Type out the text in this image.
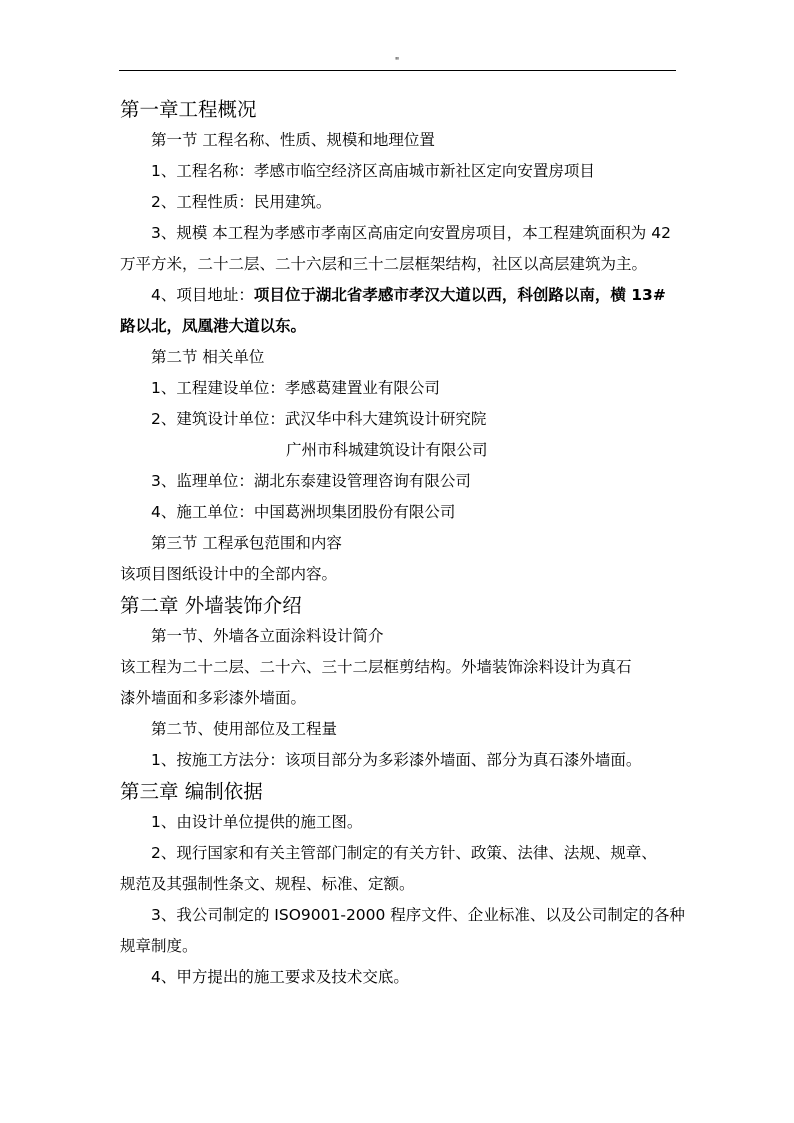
"
第一章工程概况
第一节 工程名称、性质、规模和地理位置
1、工程名称：孝感市临空经济区高庙城市新社区定向安置房项目
2、工程性质：民用建筑。
3、规模 本工程为孝感市孝南区高庙定向安置房项目，本工程建筑面积为 42
万平方米，二十二层、二十六层和三十二层框架结构，社区以高层建筑为主。
4、项目地址：项目位于湖北省孝感市孝汉大道以西，科创路以南，横 13#
路以北，凤凰港大道以东。
第二节 相关单位
1、工程建设单位：孝感葛建置业有限公司
2、建筑设计单位：武汉华中科大建筑设计研究院
广州市科城建筑设计有限公司
3、监理单位：湖北东泰建设管理咨询有限公司
4、施工单位：中国葛洲坝集团股份有限公司
第三节 工程承包范围和内容
该项目图纸设计中的全部内容。
第二章 外墙装饰介绍
第一节、外墙各立面涂料设计简介
该工程为二十二层、二十六、三十二层框剪结构。外墙装饰涂料设计为真石
漆外墙面和多彩漆外墙面。
第二节、使用部位及工程量
1、按施工方法分：该项目部分为多彩漆外墙面、部分为真石漆外墙面。
第三章 编制依据
1、由设计单位提供的施工图。
2、现行国家和有关主管部门制定的有关方针、政策、法律、法规、规章、
规范及其强制性条文、规程、标准、定额。
3、我公司制定的 ISO9001-2000 程序文件、企业标准、以及公司制定的各种
规章制度。
4、甲方提出的施工要求及技术交底。
